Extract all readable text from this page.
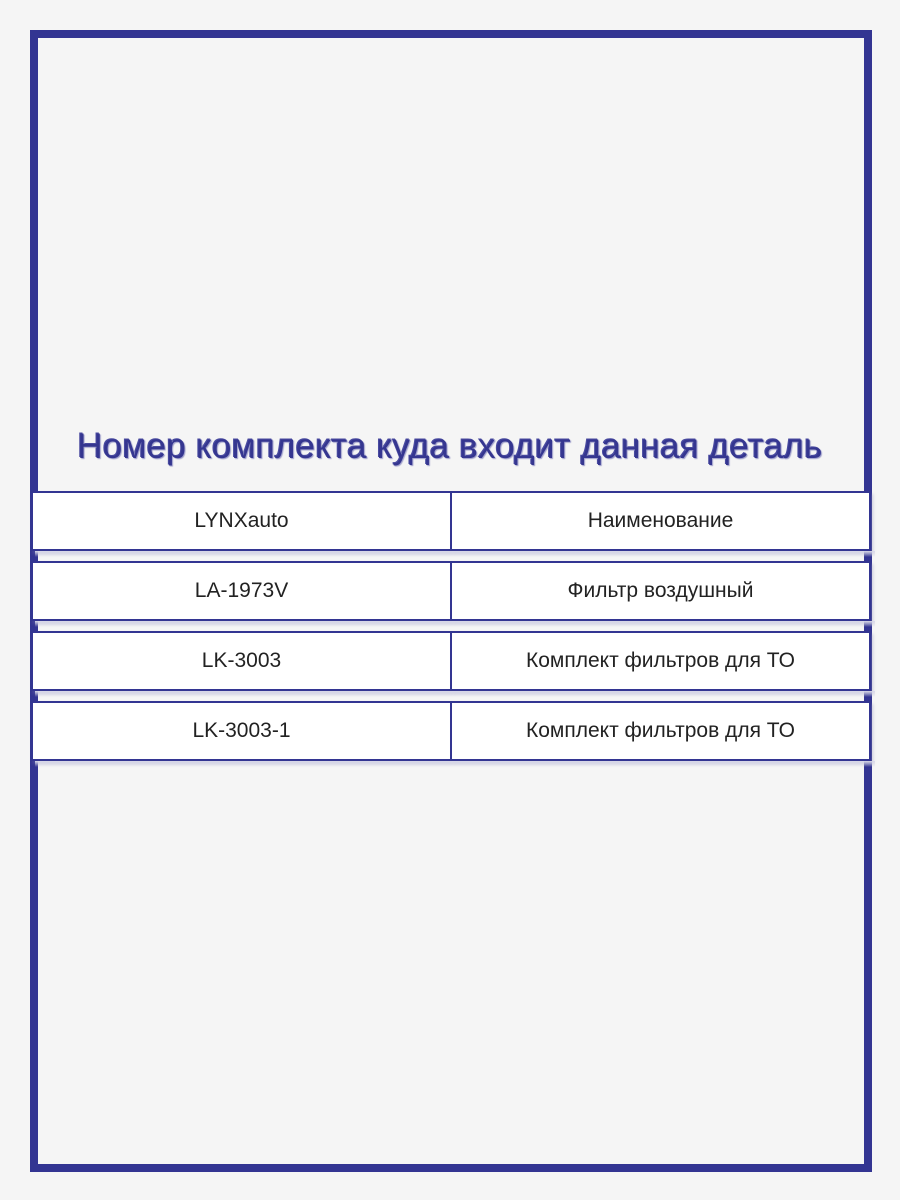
Номер комплекта куда входит данная деталь
LYNXauto	Наименование
LA-1973V	Фильтр воздушный
LK-3003	Комплект фильтров для ТО
LK-3003-1	Комплект фильтров для ТО
